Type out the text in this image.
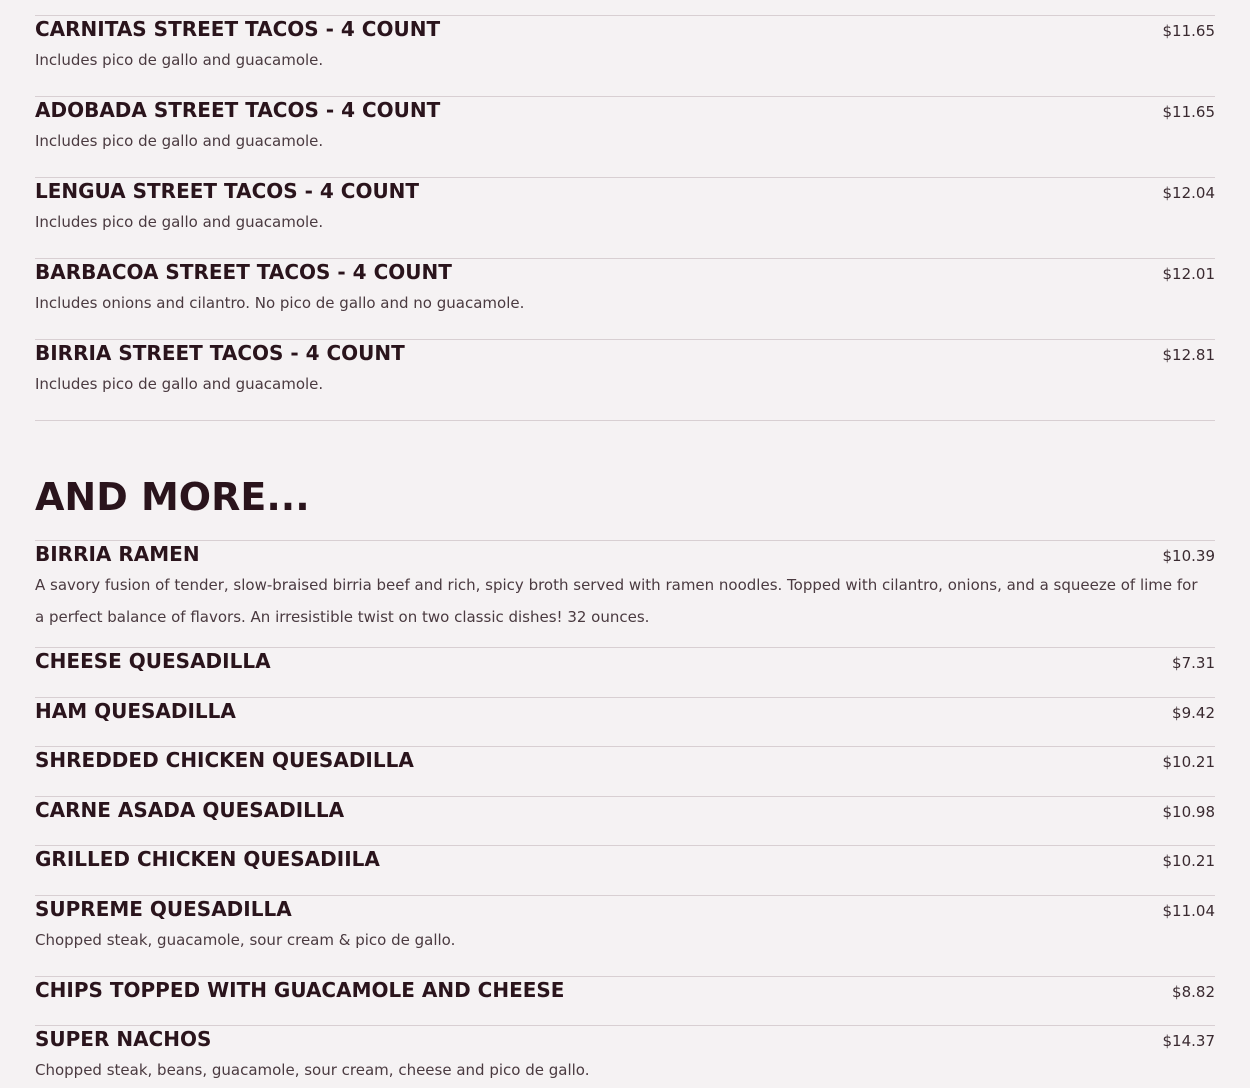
CARNITAS STREET TACOS - 4 COUNT	$11.65
Includes pico de gallo and guacamole.
ADOBADA STREET TACOS - 4 COUNT	$11.65
Includes pico de gallo and guacamole.
LENGUA STREET TACOS - 4 COUNT	$12.04
Includes pico de gallo and guacamole.
BARBACOA STREET TACOS - 4 COUNT	$12.01
Includes onions and cilantro. No pico de gallo and no guacamole.
BIRRIA STREET TACOS - 4 COUNT	$12.81
Includes pico de gallo and guacamole.
AND MORE...
BIRRIA RAMEN	$10.39
A savory fusion of tender, slow-braised birria beef and rich, spicy broth served with ramen noodles. Topped with cilantro, onions, and a squeeze of lime for a perfect balance of flavors. An irresistible twist on two classic dishes! 32 ounces.
CHEESE QUESADILLA	$7.31
HAM QUESADILLA	$9.42
SHREDDED CHICKEN QUESADILLA	$10.21
CARNE ASADA QUESADILLA	$10.98
GRILLED CHICKEN QUESADIILA	$10.21
SUPREME QUESADILLA	$11.04
Chopped steak, guacamole, sour cream & pico de gallo.
CHIPS TOPPED WITH GUACAMOLE AND CHEESE	$8.82
SUPER NACHOS	$14.37
Chopped steak, beans, guacamole, sour cream, cheese and pico de gallo.
